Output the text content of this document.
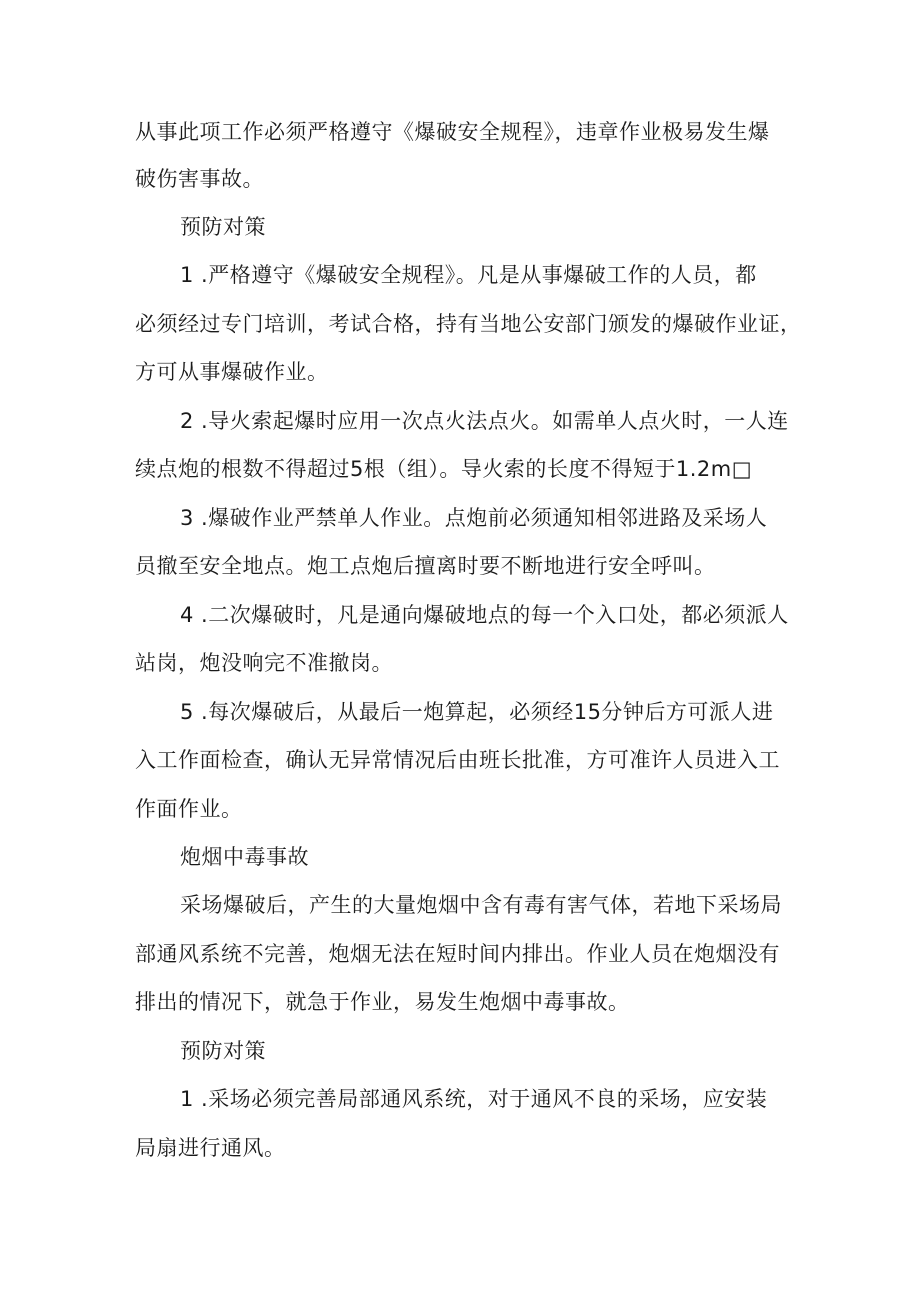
从事此项工作必须严格遵守《爆破安全规程》，违章作业极易发生爆
破伤害事故。
预防对策
1 .严格遵守《爆破安全规程》。凡是从事爆破工作的人员，都
必须经过专门培训，考试合格，持有当地公安部门颁发的爆破作业证，
方可从事爆破作业。
2 .导火索起爆时应用一次点火法点火。如需单人点火时，一人连
续点炮的根数不得超过5根（组）。导火索的长度不得短于1.2m□
3 .爆破作业严禁单人作业。点炮前必须通知相邻进路及采场人
员撤至安全地点。炮工点炮后擅离时要不断地进行安全呼叫。
4 .二次爆破时，凡是通向爆破地点的每一个入口处，都必须派人
站岗，炮没响完不准撤岗。
5 .每次爆破后，从最后一炮算起，必须经15分钟后方可派人进
入工作面检查，确认无异常情况后由班长批准，方可准许人员进入工
作面作业。
炮烟中毒事故
采场爆破后，产生的大量炮烟中含有毒有害气体，若地下采场局
部通风系统不完善，炮烟无法在短时间内排出。作业人员在炮烟没有
排出的情况下，就急于作业，易发生炮烟中毒事故。
预防对策
1 .采场必须完善局部通风系统，对于通风不良的采场，应安装
局扇进行通风。
